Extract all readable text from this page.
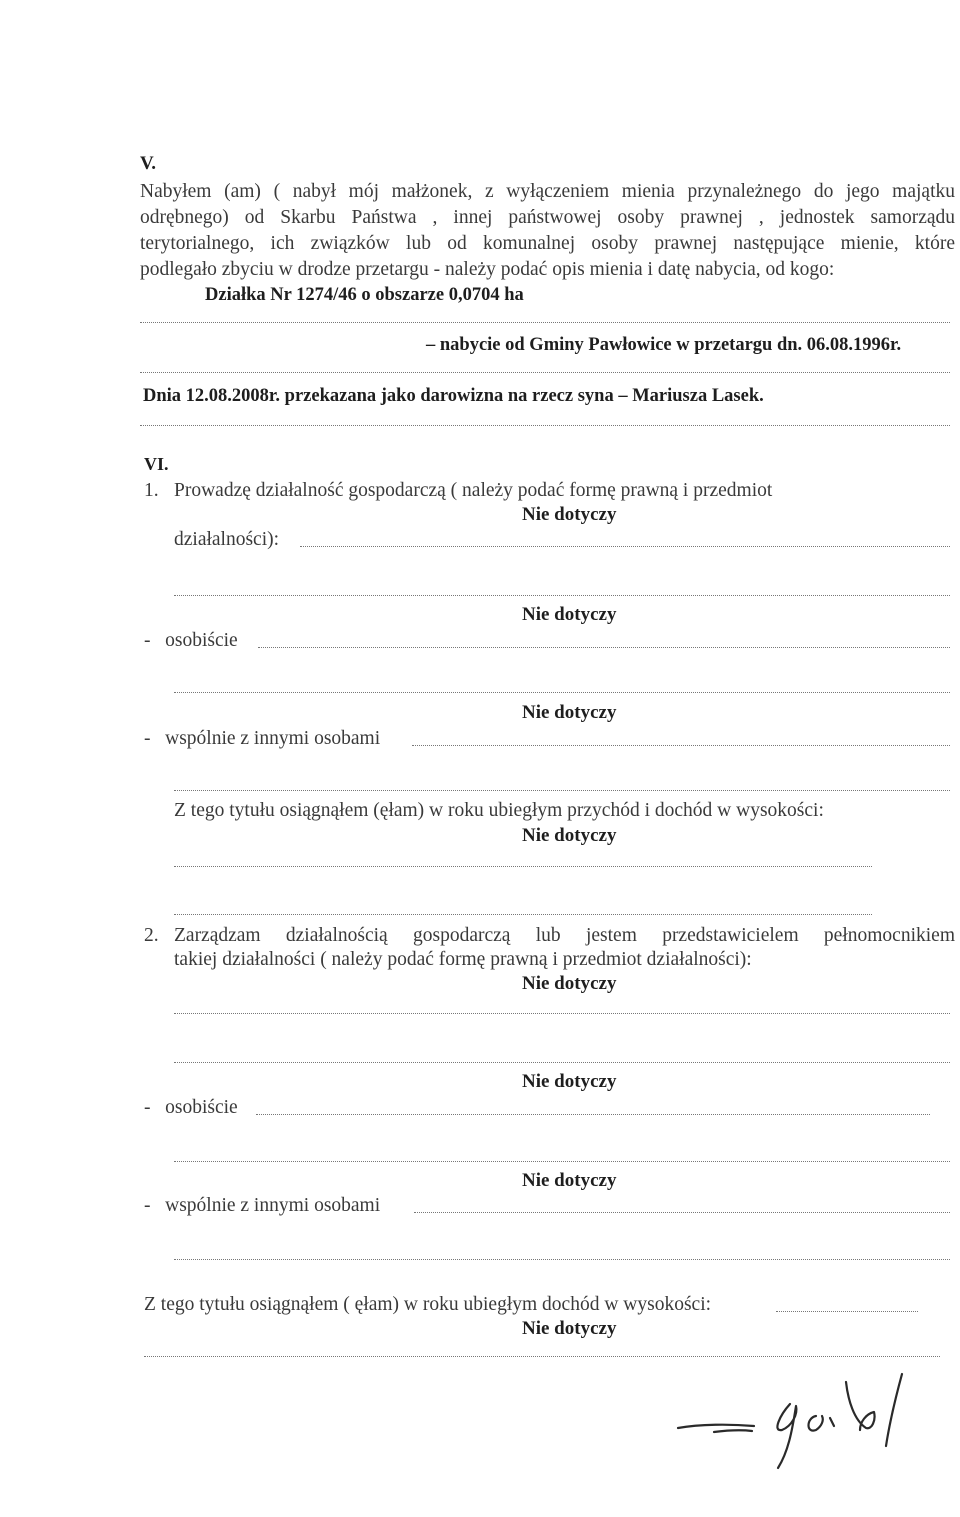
V.
Nabyłem (am) ( nabył mój małżonek, z wyłączeniem mienia przynależnego do jego majątku
odrębnego) od Skarbu Państwa , innej państwowej osoby prawnej , jednostek samorządu
terytorialnego, ich związków lub od komunalnej osoby prawnej następujące mienie, które
podlegało zbyciu w drodze przetargu - należy podać opis mienia i datę nabycia, od kogo:
Działka Nr 1274/46 o obszarze 0,0704 ha
– nabycie od Gminy Pawłowice w przetargu dn. 06.08.1996r.
Dnia 12.08.2008r. przekazana jako darowizna na rzecz syna – Mariusza Lasek.
VI.
1. Prowadzę działalność gospodarczą ( należy podać formę prawną i przedmiot
Nie dotyczy
działalności):
Nie dotyczy
-   osobiście
Nie dotyczy
-   wspólnie z innymi osobami
Z tego tytułu osiągnąłem (ęłam) w roku ubiegłym przychód i dochód w wysokości:
Nie dotyczy
2. Zarządzam działalnością gospodarczą lub jestem przedstawicielem pełnomocnikiem
takiej działalności ( należy podać formę prawną i przedmiot działalności):
Nie dotyczy
Nie dotyczy
-   osobiście
Nie dotyczy
-   wspólnie z innymi osobami
Z tego tytułu osiągnąłem ( ęłam) w roku ubiegłym dochód w wysokości:
Nie dotyczy
